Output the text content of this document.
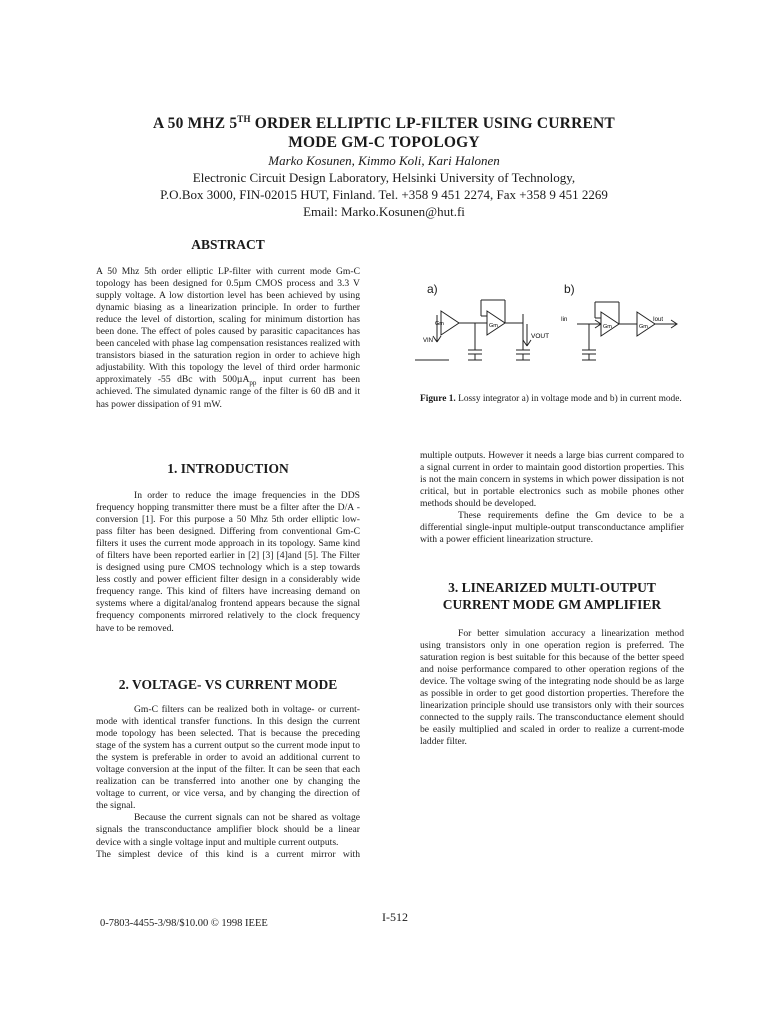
A 50 MHZ 5TH ORDER ELLIPTIC LP-FILTER USING CURRENT
MODE GM-C TOPOLOGY
Marko Kosunen, Kimmo Koli, Kari Halonen
Electronic Circuit Design Laboratory, Helsinki University of Technology,
P.O.Box 3000, FIN-02015 HUT, Finland. Tel. +358 9 451 2274, Fax +358 9 451 2269
Email: Marko.Kosunen@hut.fi
ABSTRACT

A 50 Mhz 5th order elliptic LP-filter with current mode Gm-C topology has been designed for 0.5µm CMOS process and 3.3 V supply voltage. A low distortion level has been achieved by using dynamic biasing as a linearization principle. In order to further reduce the level of distortion, scaling for minimum distortion has been done. The effect of poles caused by parasitic capacitances has been canceled with phase lag compensation resistances realized with transistors biased in the saturation region in order to achieve high adjustability. With this topology the level of third order harmonic approximately -55 dBc with 500µA$_{pp}$ input current has been achieved. The simulated dynamic range of the filter is 60 dB and it has power dissipation of 91 mW.

1. INTRODUCTION

In order to reduce the image frequencies in the DDS frequency hopping transmitter there must be a filter after the D/A -conversion [1]. For this purpose a 50 Mhz 5th order elliptic low-pass filter has been designed. Differing from conventional Gm-C filters it uses the current mode approach in its topology. Same kind of filters have been reported earlier in [2] [3] [4]and [5]. The Filter is designed using pure CMOS technology which is a step towards less costly and power efficient filter design in a considerably wide frequency range. This kind of filters have increasing demand on systems where a digital/analog frontend appears because the signal frequency components mirrored relatively to the clock frequency have to be removed.

2. VOLTAGE- VS CURRENT MODE

Gm-C filters can be realized both in voltage- or current-mode with identical transfer functions. In this design the current mode topology has been selected. That is because the preceding stage of the system has a current output so the current mode input to the system is preferable in order to avoid an additional current to voltage conversion at the input of the filter. It can be seen that each realization can be transferred into another one by changing the voltage to current, or vice versa, and by changing the direction of the signal.

Because the current signals can not be shared as voltage signals the transconductance amplifier block should be a linear device with a single voltage input and multiple current outputs.

The simplest device of this kind is a current mirror with

Gm	Gm	Gm	Gm
VIN
VOUT
Iin	Iout
a)	b)
Figure 1. Lossy integrator a) in voltage mode and b) in current mode.

multiple outputs. However it needs a large bias current compared to a signal current in order to maintain good distortion properties. This is not the main concern in systems in which power dissipation is not critical, but in portable electronics such as mobile phones other methods should be developed.

These requirements define the Gm device to be a differential single-input multiple-output transconductance amplifier with a power efficient linearization structure.

3. LINEARIZED MULTI-OUTPUT
CURRENT MODE GM AMPLIFIER

For better simulation accuracy a linearization method using transistors only in one operation region is preferred. The saturation region is best suitable for this because of the better speed and noise performance compared to other operation regions of the device. The voltage swing of the integrating node should be as large as possible in order to get good distortion properties. Therefore the linearization principle should use transistors only with their sources connected to the supply rails. The transconductance element should be easily multiplied and scaled in order to realize a current-mode ladder filter.

0-7803-4455-3/98/$10.00 © 1998 IEEE	I-512
